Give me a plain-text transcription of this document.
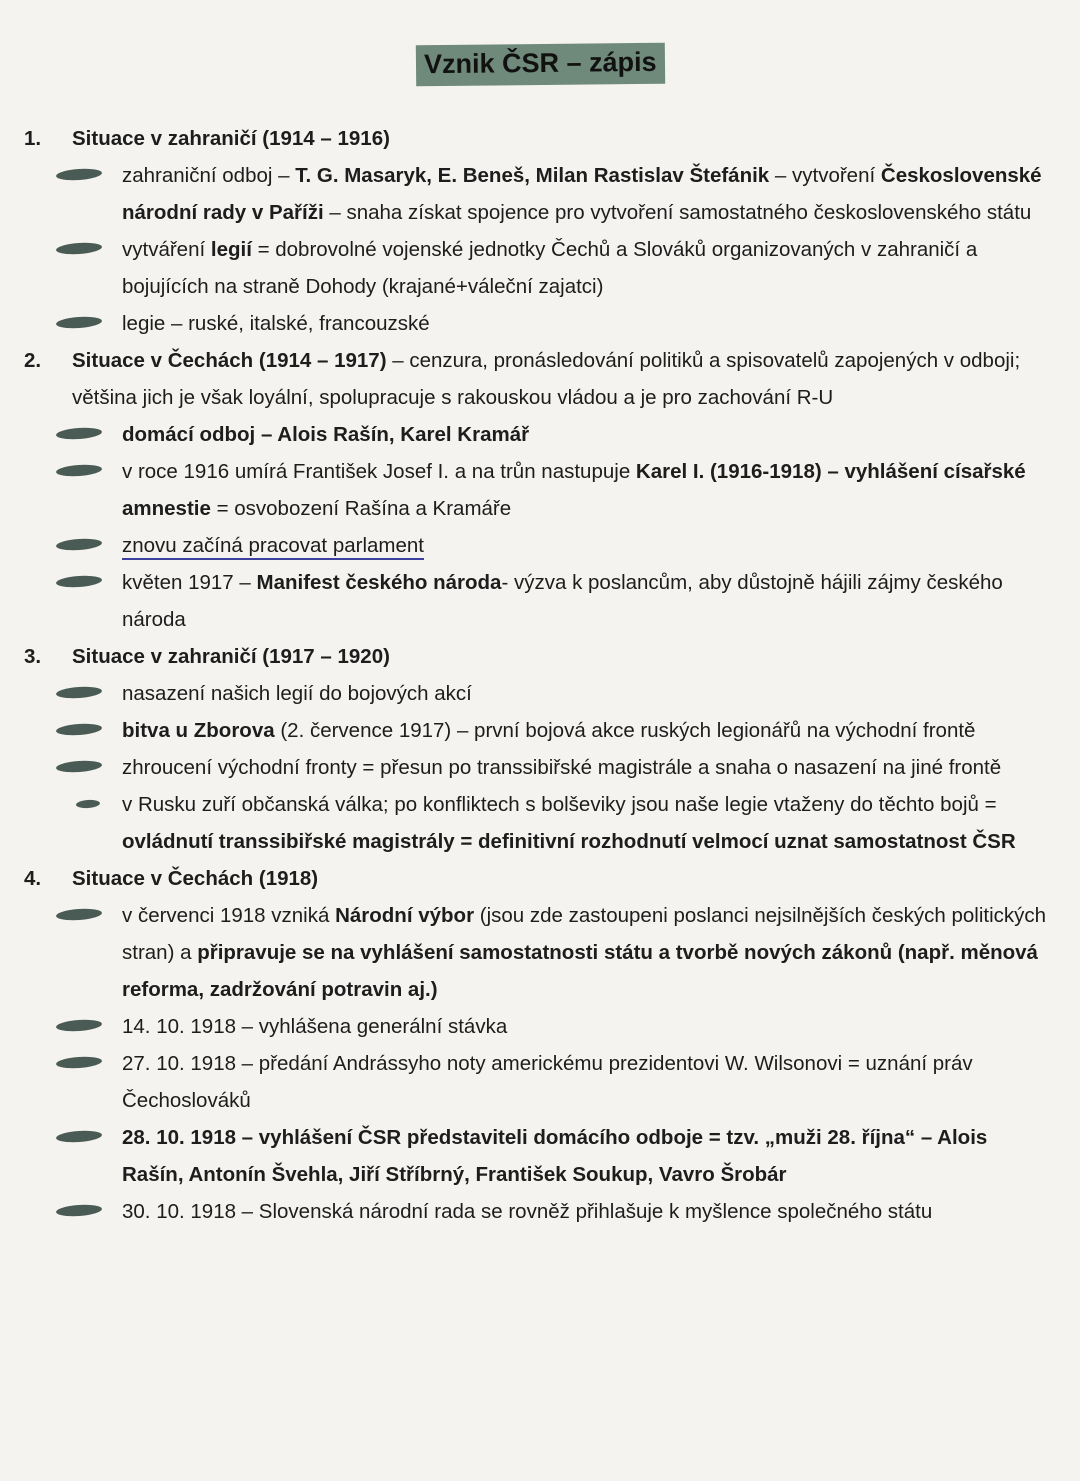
Vznik ČSR – zápis
1.	Situace v zahraničí (1914 – 1916)
zahraniční odboj – T. G. Masaryk, E. Beneš, Milan Rastislav Štefánik – vytvoření Československé národní rady v Paříži – snaha získat spojence pro vytvoření samostatného československého státu
vytváření legií = dobrovolné vojenské jednotky Čechů a Slováků organizovaných v zahraničí a bojujících na straně Dohody (krajané+váleční zajatci)
legie – ruské, italské, francouzské
2.	Situace v Čechách (1914 – 1917) – cenzura, pronásledování politiků a spisovatelů zapojených v odboji; většina jich je však loyální, spolupracuje s rakouskou vládou a je pro zachování R-U
domácí odboj – Alois Rašín, Karel Kramář
v roce 1916 umírá František Josef I. a na trůn nastupuje Karel I. (1916-1918) – vyhlášení císařské amnestie = osvobození Rašína a Kramáře
znovu začíná pracovat parlament
květen 1917 – Manifest českého národa- výzva k poslancům, aby důstojně hájili zájmy českého národa
3.	Situace v zahraničí (1917 – 1920)
nasazení našich legií do bojových akcí
bitva u Zborova (2. července 1917) – první bojová akce ruských legionářů na východní frontě
zhroucení východní fronty = přesun po transsibiřské magistrále a snaha o nasazení na jiné frontě
v Rusku zuří občanská válka; po konfliktech s bolševiky jsou naše legie vtaženy do těchto bojů = ovládnutí transsibiřské magistrály = definitivní rozhodnutí velmocí uznat samostatnost ČSR
4.	Situace v Čechách (1918)
v červenci 1918 vzniká Národní výbor (jsou zde zastoupeni poslanci nejsilnějších českých politických stran) a připravuje se na vyhlášení samostatnosti státu a tvorbě nových zákonů (např. měnová reforma, zadržování potravin aj.)
14. 10. 1918 – vyhlášena generální stávka
27. 10. 1918 – předání Andrássyho noty americkému prezidentovi W. Wilsonovi = uznání práv Čechoslováků
28. 10. 1918 – vyhlášení ČSR představiteli domácího odboje = tzv. „muži 28. října“ – Alois Rašín, Antonín Švehla, Jiří Stříbrný, František Soukup, Vavro Šrobár
30. 10. 1918 – Slovenská národní rada se rovněž přihlašuje k myšlence společného státu
